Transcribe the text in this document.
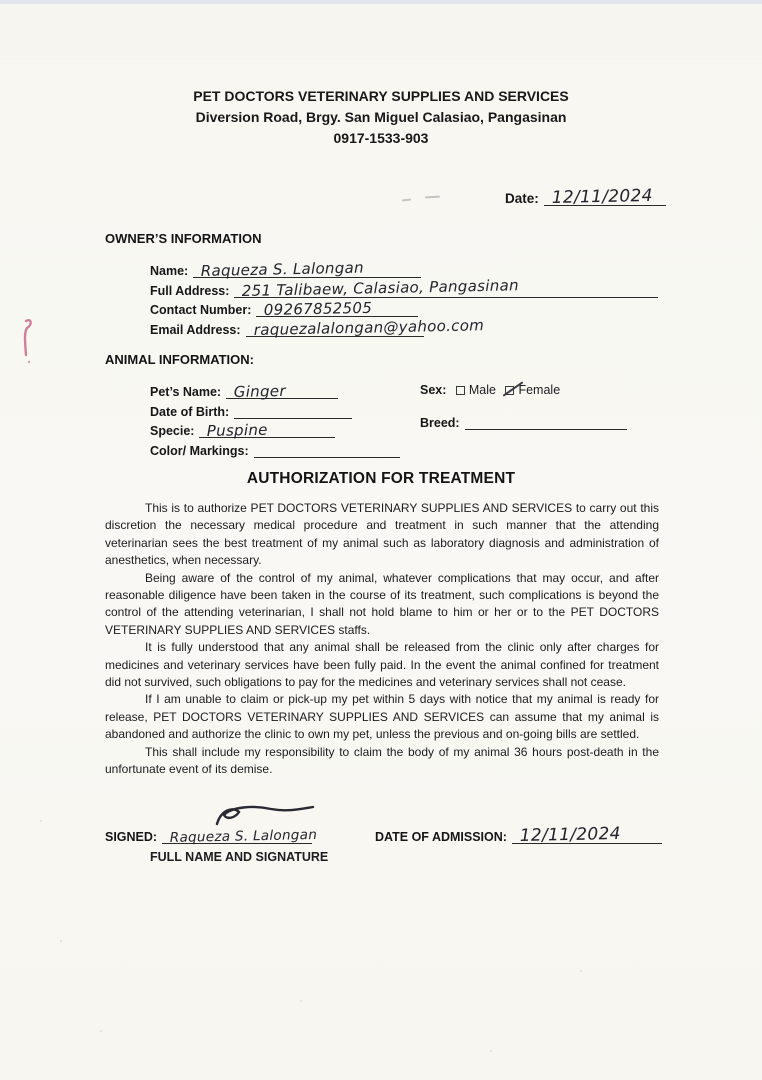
PET DOCTORS VETERINARY SUPPLIES AND SERVICES
Diversion Road, Brgy. San Miguel Calasiao, Pangasinan
0917-1533-903
Date: 12/11/2024
OWNER’S INFORMATION
Name: Raqueza S. Lalongan
Full Address: 251 Talibaew, Calasiao, Pangasinan
Contact Number: 09267852505
Email Address: raquezalalongan@yahoo.com
ANIMAL INFORMATION:
Pet’s Name: Ginger
Date of Birth:
Specie: Puspine
Color/ Markings:
Sex: Male Female
Breed:
AUTHORIZATION FOR TREATMENT

This is to authorize PET DOCTORS VETERINARY SUPPLIES AND SERVICES to carry out this discretion the necessary medical procedure and treatment in such manner that the attending veterinarian sees the best treatment of my animal such as laboratory diagnosis and administration of anesthetics, when necessary.

Being aware of the control of my animal, whatever complications that may occur, and after reasonable diligence have been taken in the course of its treatment, such complications is beyond the control of the attending veterinarian, I shall not hold blame to him or her or to the PET DOCTORS VETERINARY SUPPLIES AND SERVICES staffs.

It is fully understood that any animal shall be released from the clinic only after charges for medicines and veterinary services have been fully paid. In the event the animal confined for treatment did not survived, such obligations to pay for the medicines and veterinary services shall not cease.

If I am unable to claim or pick-up my pet within 5 days with notice that my animal is ready for release, PET DOCTORS VETERINARY SUPPLIES AND SERVICES can assume that my animal is abandoned and authorize the clinic to own my pet, unless the previous and on-going bills are settled.

This shall include my responsibility to claim the body of my animal 36 hours post-death in the unfortunate event of its demise.

SIGNED: Raqueza S. Lalongan
FULL NAME AND SIGNATURE
DATE OF ADMISSION: 12/11/2024
